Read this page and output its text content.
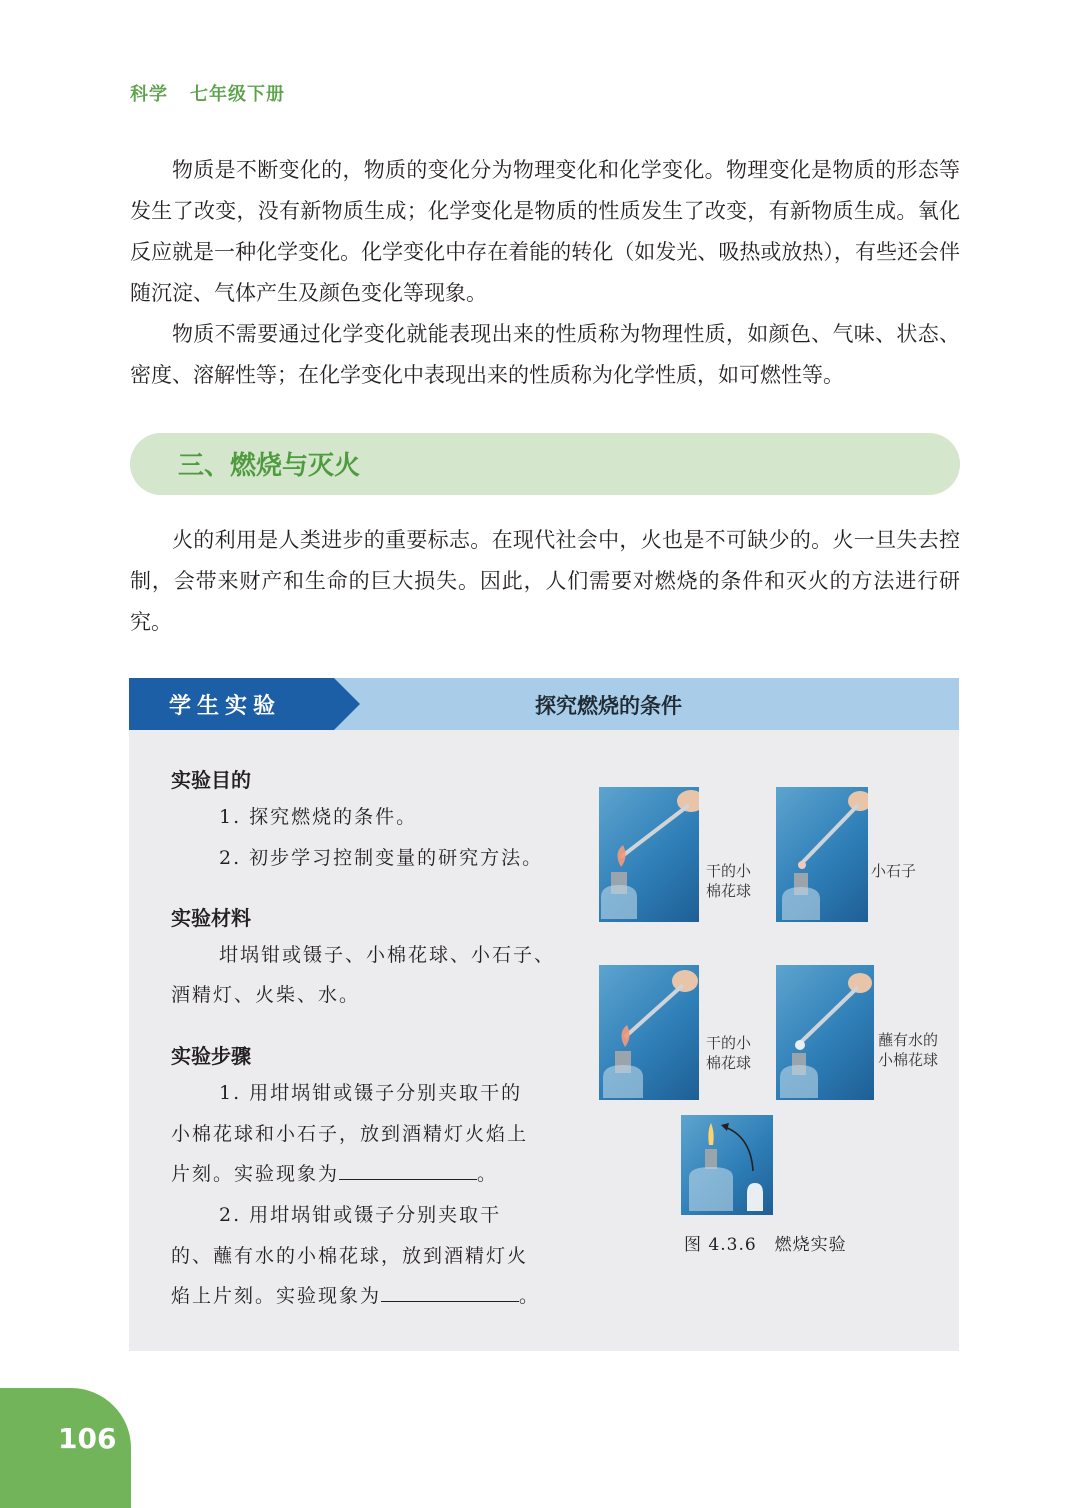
科学 七年级下册

物质是不断变化的，物质的变化分为物理变化和化学变化。物理变化是物质的形态等发生了改变，没有新物质生成；化学变化是物质的性质发生了改变，有新物质生成。氧化反应就是一种化学变化。化学变化中存在着能的转化（如发光、吸热或放热），有些还会伴随沉淀、气体产生及颜色变化等现象。

物质不需要通过化学变化就能表现出来的性质称为物理性质，如颜色、气味、状态、密度、溶解性等；在化学变化中表现出来的性质称为化学性质，如可燃性等。

三、燃烧与灭火

火的利用是人类进步的重要标志。在现代社会中，火也是不可缺少的。火一旦失去控制，会带来财产和生命的巨大损失。因此，人们需要对燃烧的条件和灭火的方法进行研究。

学生实验	探究燃烧的条件
实验目的
1. 探究燃烧的条件。
2. 初步学习控制变量的研究方法。
实验材料
坩埚钳或镊子、小棉花球、小石子、酒精灯、火柴、水。
实验步骤
1. 用坩埚钳或镊子分别夹取干的
小棉花球和小石子，放到酒精灯火焰上
片刻。实验现象为	。
2. 用坩埚钳或镊子分别夹取干
的、蘸有水的小棉花球，放到酒精灯火
焰上片刻。实验现象为	。
干的小
棉花球
小石子
干的小
棉花球
蘸有水的
小棉花球
图 4.3.6　燃烧实验
106
